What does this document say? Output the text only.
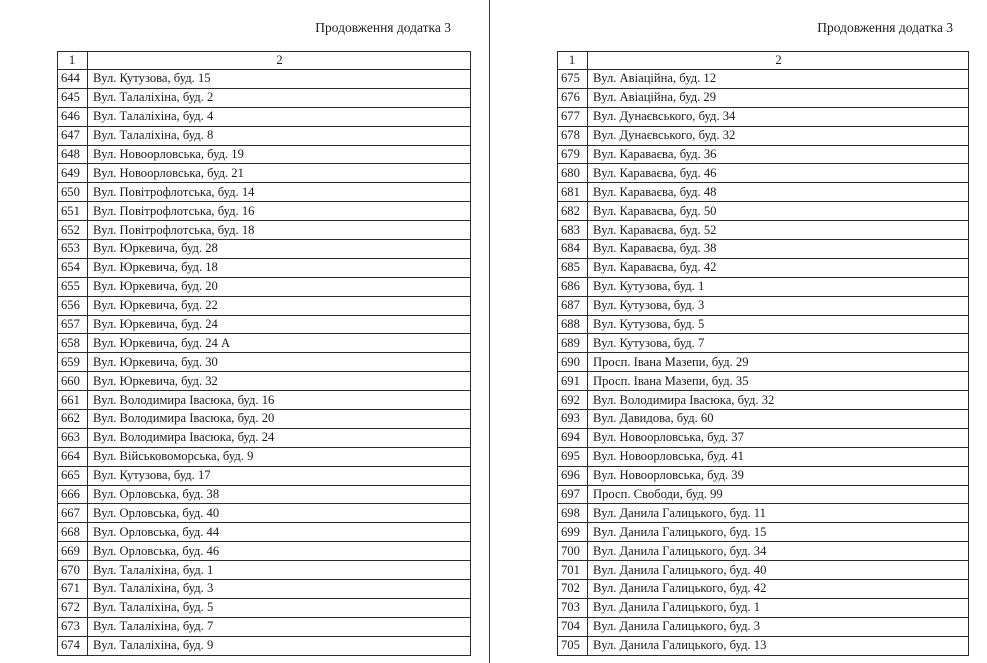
Продовження додатка 3
1	2
644	Вул. Кутузова, буд. 15
645	Вул. Талаліхіна, буд. 2
646	Вул. Талаліхіна, буд. 4
647	Вул. Талаліхіна, буд. 8
648	Вул. Новоорловська, буд. 19
649	Вул. Новоорловська, буд. 21
650	Вул. Повітрофлотська, буд. 14
651	Вул. Повітрофлотська, буд. 16
652	Вул. Повітрофлотська, буд. 18
653	Вул. Юркевича, буд. 28
654	Вул. Юркевича, буд. 18
655	Вул. Юркевича, буд. 20
656	Вул. Юркевича, буд. 22
657	Вул. Юркевича, буд. 24
658	Вул. Юркевича, буд. 24 А
659	Вул. Юркевича, буд. 30
660	Вул. Юркевича, буд. 32
661	Вул. Володимира Івасюка, буд. 16
662	Вул. Володимира Івасюка, буд. 20
663	Вул. Володимира Івасюка, буд. 24
664	Вул. Військовоморська, буд. 9
665	Вул. Кутузова, буд. 17
666	Вул. Орловська, буд. 38
667	Вул. Орловська, буд. 40
668	Вул. Орловська, буд. 44
669	Вул. Орловська, буд. 46
670	Вул. Талаліхіна, буд. 1
671	Вул. Талаліхіна, буд. 3
672	Вул. Талаліхіна, буд. 5
673	Вул. Талаліхіна, буд. 7
674	Вул. Талаліхіна, буд. 9
Продовження додатка 3
1	2
675	Вул. Авіаційна, буд. 12
676	Вул. Авіаційна, буд. 29
677	Вул. Дунаєвського, буд. 34
678	Вул. Дунаєвського, буд. 32
679	Вул. Караваєва, буд. 36
680	Вул. Караваєва, буд. 46
681	Вул. Караваєва, буд. 48
682	Вул. Караваєва, буд. 50
683	Вул. Караваєва, буд. 52
684	Вул. Караваєва, буд. 38
685	Вул. Караваєва, буд. 42
686	Вул. Кутузова, буд. 1
687	Вул. Кутузова, буд. 3
688	Вул. Кутузова, буд. 5
689	Вул. Кутузова, буд. 7
690	Просп. Івана Мазепи, буд. 29
691	Просп. Івана Мазепи, буд. 35
692	Вул. Володимира Івасюка, буд. 32
693	Вул. Давидова, буд. 60
694	Вул. Новоорловська, буд. 37
695	Вул. Новоорловська, буд. 41
696	Вул. Новоорловська, буд. 39
697	Просп. Свободи, буд. 99
698	Вул. Данила Галицького, буд. 11
699	Вул. Данила Галицького, буд. 15
700	Вул. Данила Галицького, буд. 34
701	Вул. Данила Галицького, буд. 40
702	Вул. Данила Галицького, буд. 42
703	Вул. Данила Галицького, буд. 1
704	Вул. Данила Галицького, буд. 3
705	Вул. Данила Галицького, буд. 13
